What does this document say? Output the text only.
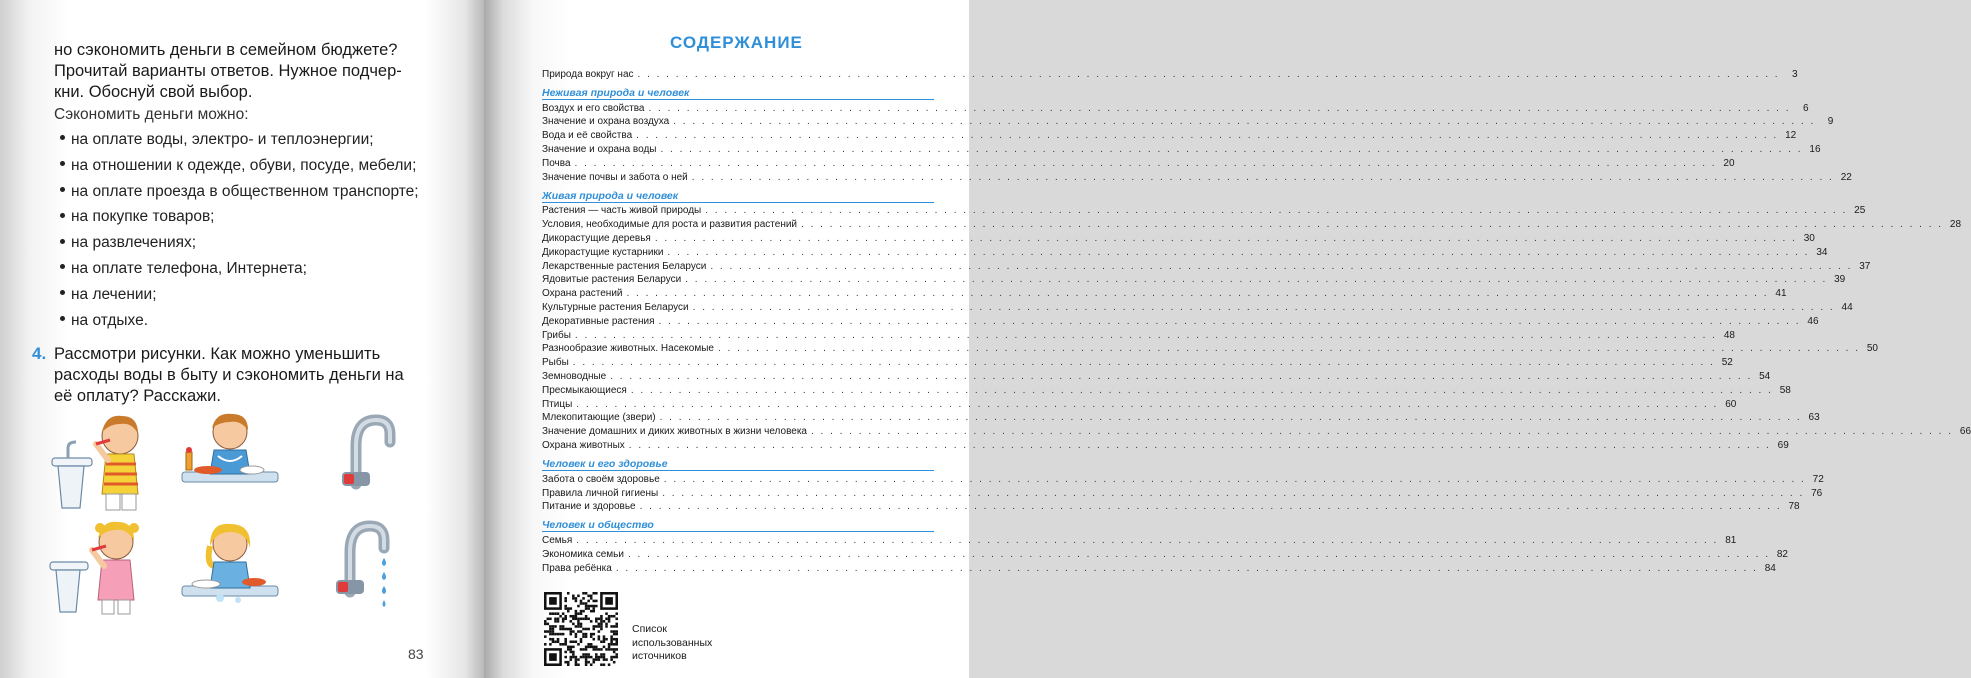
но сэкономить деньги в семейном бюджете?
Прочитай варианты ответов. Нужное подчер-
кни. Обоснуй свой выбор.
Сэкономить деньги можно:
на оплате воды, электро- и теплоэнергии;
на отношении к одежде, обуви, посуде, мебели;
на оплате проезда в общественном транспорте;
на покупке товаров;
на развлечениях;
на оплате телефона, Интернета;
на лечении;
на отдыхе.
4. Рассмотри рисунки. Как можно уменьшить расходы воды в быту и сэкономить деньги на её оплату? Расскажи.
83
СОДЕРЖАНИЕ
Природа вокруг нас . . . . . . . . . . . . . . . . . . . . . . . . . . . . . . . . . . . . . . . . . . . . . . . . . . . . . . . . . . . . . . . . . . . . . . . . . . . . . . . . . . . . . . . . . . . . . . . . . . . . . . . . . . . . . . . . . . . . . . . .	3
Неживая природа и человек
Воздух и его свойства . . . . . . . . . . . . . . . . . . . . . . . . . . . . . . . . . . . . . . . . . . . . . . . . . . . . . . . . . . . . . . . . . . . . . . . . . . . . . . . . . . . . . . . . . . . . . . . . . . . . . . . . . . . . . . . . . . . . . . . .	6
Значение и охрана воздуха . . . . . . . . . . . . . . . . . . . . . . . . . . . . . . . . . . . . . . . . . . . . . . . . . . . . . . . . . . . . . . . . . . . . . . . . . . . . . . . . . . . . . . . . . . . . . . . . . . . . . . . . . . . . . . . . . . . . . . . .	9
Вода и её свойства . . . . . . . . . . . . . . . . . . . . . . . . . . . . . . . . . . . . . . . . . . . . . . . . . . . . . . . . . . . . . . . . . . . . . . . . . . . . . . . . . . . . . . . . . . . . . . . . . . . . . . . . . . . . . . . . . . . . . . . . 12
Значение и охрана воды . . . . . . . . . . . . . . . . . . . . . . . . . . . . . . . . . . . . . . . . . . . . . . . . . . . . . . . . . . . . . . . . . . . . . . . . . . . . . . . . . . . . . . . . . . . . . . . . . . . . . . . . . . . . . . . . . . . . . . . . 16
Почва . . . . . . . . . . . . . . . . . . . . . . . . . . . . . . . . . . . . . . . . . . . . . . . . . . . . . . . . . . . . . . . . . . . . . . . . . . . . . . . . . . . . . . . . . . . . . . . . . . . . . . . . . . . . . . . . . . . . . . . . 20
Значение почвы и забота о ней . . . . . . . . . . . . . . . . . . . . . . . . . . . . . . . . . . . . . . . . . . . . . . . . . . . . . . . . . . . . . . . . . . . . . . . . . . . . . . . . . . . . . . . . . . . . . . . . . . . . . . . . . . . . . . . . . . . . . . . . 22
Живая природа и человек
Растения — часть живой природы . . . . . . . . . . . . . . . . . . . . . . . . . . . . . . . . . . . . . . . . . . . . . . . . . . . . . . . . . . . . . . . . . . . . . . . . . . . . . . . . . . . . . . . . . . . . . . . . . . . . . . . . . . . . . . . . . . . . . . . . 25
Условия, необходимые для роста и развития растений . . . . . . . . . . . . . . . . . . . . . . . . . . . . . . . . . . . . . . . . . . . . . . . . . . . . . . . . . . . . . . . . . . . . . . . . . . . . . . . . . . . . . . . . . . . . . . . . . . . . . . . . . . . . . . . . . . . . . . . . 28
Дикорастущие деревья . . . . . . . . . . . . . . . . . . . . . . . . . . . . . . . . . . . . . . . . . . . . . . . . . . . . . . . . . . . . . . . . . . . . . . . . . . . . . . . . . . . . . . . . . . . . . . . . . . . . . . . . . . . . . . . . . . . . . . . . 30
Дикорастущие кустарники . . . . . . . . . . . . . . . . . . . . . . . . . . . . . . . . . . . . . . . . . . . . . . . . . . . . . . . . . . . . . . . . . . . . . . . . . . . . . . . . . . . . . . . . . . . . . . . . . . . . . . . . . . . . . . . . . . . . . . . . 34
Лекарственные растения Беларуси . . . . . . . . . . . . . . . . . . . . . . . . . . . . . . . . . . . . . . . . . . . . . . . . . . . . . . . . . . . . . . . . . . . . . . . . . . . . . . . . . . . . . . . . . . . . . . . . . . . . . . . . . . . . . . . . . . . . . . . . 37
Ядовитые растения Беларуси . . . . . . . . . . . . . . . . . . . . . . . . . . . . . . . . . . . . . . . . . . . . . . . . . . . . . . . . . . . . . . . . . . . . . . . . . . . . . . . . . . . . . . . . . . . . . . . . . . . . . . . . . . . . . . . . . . . . . . . . 39
Охрана растений . . . . . . . . . . . . . . . . . . . . . . . . . . . . . . . . . . . . . . . . . . . . . . . . . . . . . . . . . . . . . . . . . . . . . . . . . . . . . . . . . . . . . . . . . . . . . . . . . . . . . . . . . . . . . . . . . . . . . . . . 41
Культурные растения Беларуси . . . . . . . . . . . . . . . . . . . . . . . . . . . . . . . . . . . . . . . . . . . . . . . . . . . . . . . . . . . . . . . . . . . . . . . . . . . . . . . . . . . . . . . . . . . . . . . . . . . . . . . . . . . . . . . . . . . . . . . . 44
Декоративные растения . . . . . . . . . . . . . . . . . . . . . . . . . . . . . . . . . . . . . . . . . . . . . . . . . . . . . . . . . . . . . . . . . . . . . . . . . . . . . . . . . . . . . . . . . . . . . . . . . . . . . . . . . . . . . . . . . . . . . . . . 46
Грибы . . . . . . . . . . . . . . . . . . . . . . . . . . . . . . . . . . . . . . . . . . . . . . . . . . . . . . . . . . . . . . . . . . . . . . . . . . . . . . . . . . . . . . . . . . . . . . . . . . . . . . . . . . . . . . . . . . . . . . . . 48
Разнообразие животных. Насекомые . . . . . . . . . . . . . . . . . . . . . . . . . . . . . . . . . . . . . . . . . . . . . . . . . . . . . . . . . . . . . . . . . . . . . . . . . . . . . . . . . . . . . . . . . . . . . . . . . . . . . . . . . . . . . . . . . . . . . . . . 50
Рыбы . . . . . . . . . . . . . . . . . . . . . . . . . . . . . . . . . . . . . . . . . . . . . . . . . . . . . . . . . . . . . . . . . . . . . . . . . . . . . . . . . . . . . . . . . . . . . . . . . . . . . . . . . . . . . . . . . . . . . . . . 52
Земноводные . . . . . . . . . . . . . . . . . . . . . . . . . . . . . . . . . . . . . . . . . . . . . . . . . . . . . . . . . . . . . . . . . . . . . . . . . . . . . . . . . . . . . . . . . . . . . . . . . . . . . . . . . . . . . . . . . . . . . . . . 54
Пресмыкающиеся . . . . . . . . . . . . . . . . . . . . . . . . . . . . . . . . . . . . . . . . . . . . . . . . . . . . . . . . . . . . . . . . . . . . . . . . . . . . . . . . . . . . . . . . . . . . . . . . . . . . . . . . . . . . . . . . . . . . . . . . 58
Птицы . . . . . . . . . . . . . . . . . . . . . . . . . . . . . . . . . . . . . . . . . . . . . . . . . . . . . . . . . . . . . . . . . . . . . . . . . . . . . . . . . . . . . . . . . . . . . . . . . . . . . . . . . . . . . . . . . . . . . . . . 60
Млекопитающие (звери) . . . . . . . . . . . . . . . . . . . . . . . . . . . . . . . . . . . . . . . . . . . . . . . . . . . . . . . . . . . . . . . . . . . . . . . . . . . . . . . . . . . . . . . . . . . . . . . . . . . . . . . . . . . . . . . . . . . . . . . . 63
Значение домашних и диких животных в жизни человека . . . . . . . . . . . . . . . . . . . . . . . . . . . . . . . . . . . . . . . . . . . . . . . . . . . . . . . . . . . . . . . . . . . . . . . . . . . . . . . . . . . . . . . . . . . . . . . . . . . . . . . . . . . . . . . . . . . . . . . . 66
Охрана животных . . . . . . . . . . . . . . . . . . . . . . . . . . . . . . . . . . . . . . . . . . . . . . . . . . . . . . . . . . . . . . . . . . . . . . . . . . . . . . . . . . . . . . . . . . . . . . . . . . . . . . . . . . . . . . . . . . . . . . . . 69
Человек и его здоровье
Забота о своём здоровье . . . . . . . . . . . . . . . . . . . . . . . . . . . . . . . . . . . . . . . . . . . . . . . . . . . . . . . . . . . . . . . . . . . . . . . . . . . . . . . . . . . . . . . . . . . . . . . . . . . . . . . . . . . . . . . . . . . . . . . . 72
Правила личной гигиены . . . . . . . . . . . . . . . . . . . . . . . . . . . . . . . . . . . . . . . . . . . . . . . . . . . . . . . . . . . . . . . . . . . . . . . . . . . . . . . . . . . . . . . . . . . . . . . . . . . . . . . . . . . . . . . . . . . . . . . . 76
Питание и здоровье . . . . . . . . . . . . . . . . . . . . . . . . . . . . . . . . . . . . . . . . . . . . . . . . . . . . . . . . . . . . . . . . . . . . . . . . . . . . . . . . . . . . . . . . . . . . . . . . . . . . . . . . . . . . . . . . . . . . . . . . 78
Человек и общество
Семья . . . . . . . . . . . . . . . . . . . . . . . . . . . . . . . . . . . . . . . . . . . . . . . . . . . . . . . . . . . . . . . . . . . . . . . . . . . . . . . . . . . . . . . . . . . . . . . . . . . . . . . . . . . . . . . . . . . . . . . . 81
Экономика семьи . . . . . . . . . . . . . . . . . . . . . . . . . . . . . . . . . . . . . . . . . . . . . . . . . . . . . . . . . . . . . . . . . . . . . . . . . . . . . . . . . . . . . . . . . . . . . . . . . . . . . . . . . . . . . . . . . . . . . . . . 82
Права ребёнка . . . . . . . . . . . . . . . . . . . . . . . . . . . . . . . . . . . . . . . . . . . . . . . . . . . . . . . . . . . . . . . . . . . . . . . . . . . . . . . . . . . . . . . . . . . . . . . . . . . . . . . . . . . . . . . . . . . . . . . . 84
Список
использованных
источников
